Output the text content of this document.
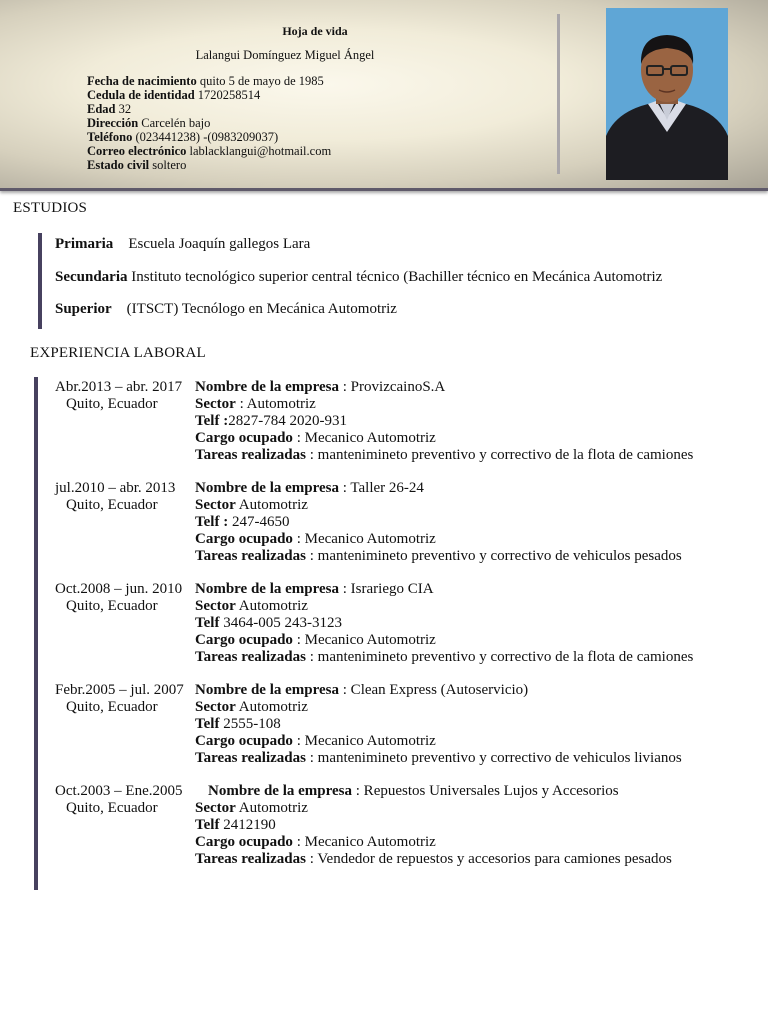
Hoja de vida
Lalangui Domínguez Miguel Ángel
Fecha de nacimiento quito 5 de mayo de 1985
Cedula de identidad 1720258514
Edad 32
Dirección Carcelén bajo
Teléfono (023441238) -(0983209037)
Correo electrónico lablacklangui@hotmail.com
Estado civil soltero
ESTUDIOS
Primaria    Escuela Joaquín gallegos Lara
Secundaria Instituto tecnológico superior central técnico (Bachiller técnico en Mecánica Automotriz
Superior    (ITSCT) Tecnólogo en Mecánica Automotriz
EXPERIENCIA LABORAL
Abr.2013 – abr. 2017
Quito, Ecuador
Nombre de la empresa : ProvizcainoS.A
Sector : Automotriz
Telf :2827-784 2020-931
Cargo ocupado : Mecanico Automotriz
Tareas realizadas : mantenimineto preventivo y correctivo de la flota de camiones
jul.2010 – abr. 2013
Quito, Ecuador
Nombre de la empresa : Taller 26-24
Sector Automotriz
Telf : 247-4650
Cargo ocupado : Mecanico Automotriz
Tareas realizadas : mantenimineto preventivo y correctivo de vehiculos pesados
Oct.2008 – jun. 2010
Quito, Ecuador
Nombre de la empresa : Israriego CIA
Sector Automotriz
Telf 3464-005 243-3123
Cargo ocupado : Mecanico Automotriz
Tareas realizadas : mantenimineto preventivo y correctivo de la flota de camiones
Febr.2005 – jul. 2007
Quito, Ecuador
Nombre de la empresa : Clean Express (Autoservicio)
Sector Automotriz
Telf 2555-108
Cargo ocupado : Mecanico Automotriz
Tareas realizadas : mantenimineto preventivo y correctivo de vehiculos livianos
Oct.2003 – Ene.2005
Quito, Ecuador
Nombre de la empresa : Repuestos Universales Lujos y Accesorios
Sector Automotriz
Telf 2412190
Cargo ocupado : Mecanico Automotriz
Tareas realizadas : Vendedor de repuestos y accesorios para camiones pesados
